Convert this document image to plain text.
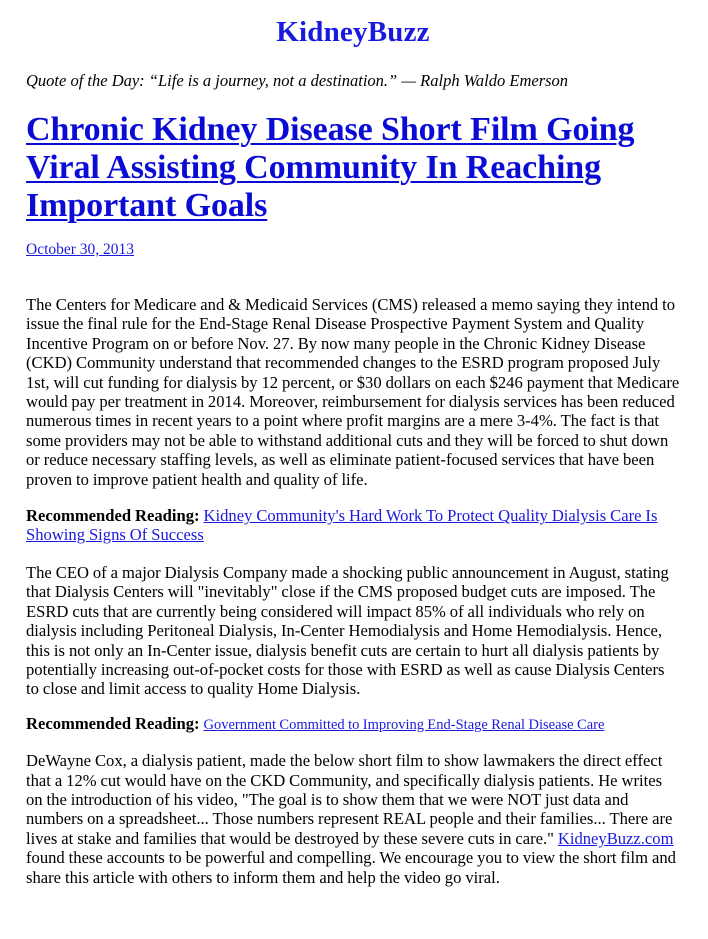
KidneyBuzz
Quote of the Day: “Life is a journey, not a destination.” — Ralph Waldo Emerson
Chronic Kidney Disease Short Film Going Viral Assisting Community In Reaching Important Goals
October 30, 2013

The Centers for Medicare and & Medicaid Services (CMS) released a memo saying they intend to issue the final rule for the End-Stage Renal Disease Prospective Payment System and Quality Incentive Program on or before Nov. 27. By now many people in the Chronic Kidney Disease (CKD) Community understand that recommended changes to the ESRD program proposed July 1st, will cut funding for dialysis by 12 percent, or $30 dollars on each $246 payment that Medicare would pay per treatment in 2014. Moreover, reimbursement for dialysis services has been reduced numerous times in recent years to a point where profit margins are a mere 3-4%. The fact is that some providers may not be able to withstand additional cuts and they will be forced to shut down or reduce necessary staffing levels, as well as eliminate patient-focused services that have been proven to improve patient health and quality of life.

Recommended Reading: Kidney Community's Hard Work To Protect Quality Dialysis Care Is Showing Signs Of Success

The CEO of a major Dialysis Company made a shocking public announcement in August, stating that Dialysis Centers will "inevitably" close if the CMS proposed budget cuts are imposed. The ESRD cuts that are currently being considered will impact 85% of all individuals who rely on dialysis including Peritoneal Dialysis, In-Center Hemodialysis and Home Hemodialysis. Hence, this is not only an In-Center issue, dialysis benefit cuts are certain to hurt all dialysis patients by potentially increasing out-of-pocket costs for those with ESRD as well as cause Dialysis Centers to close and limit access to quality Home Dialysis.

Recommended Reading: Government Committed to Improving End-Stage Renal Disease Care

DeWayne Cox, a dialysis patient, made the below short film to show lawmakers the direct effect that a 12% cut would have on the CKD Community, and specifically dialysis patients. He writes on the introduction of his video, "The goal is to show them that we were NOT just data and numbers on a spreadsheet... Those numbers represent REAL people and their families... There are lives at stake and families that would be destroyed by these severe cuts in care." KidneyBuzz.com found these accounts to be powerful and compelling. We encourage you to view the short film and share this article with others to inform them and help the video go viral.
